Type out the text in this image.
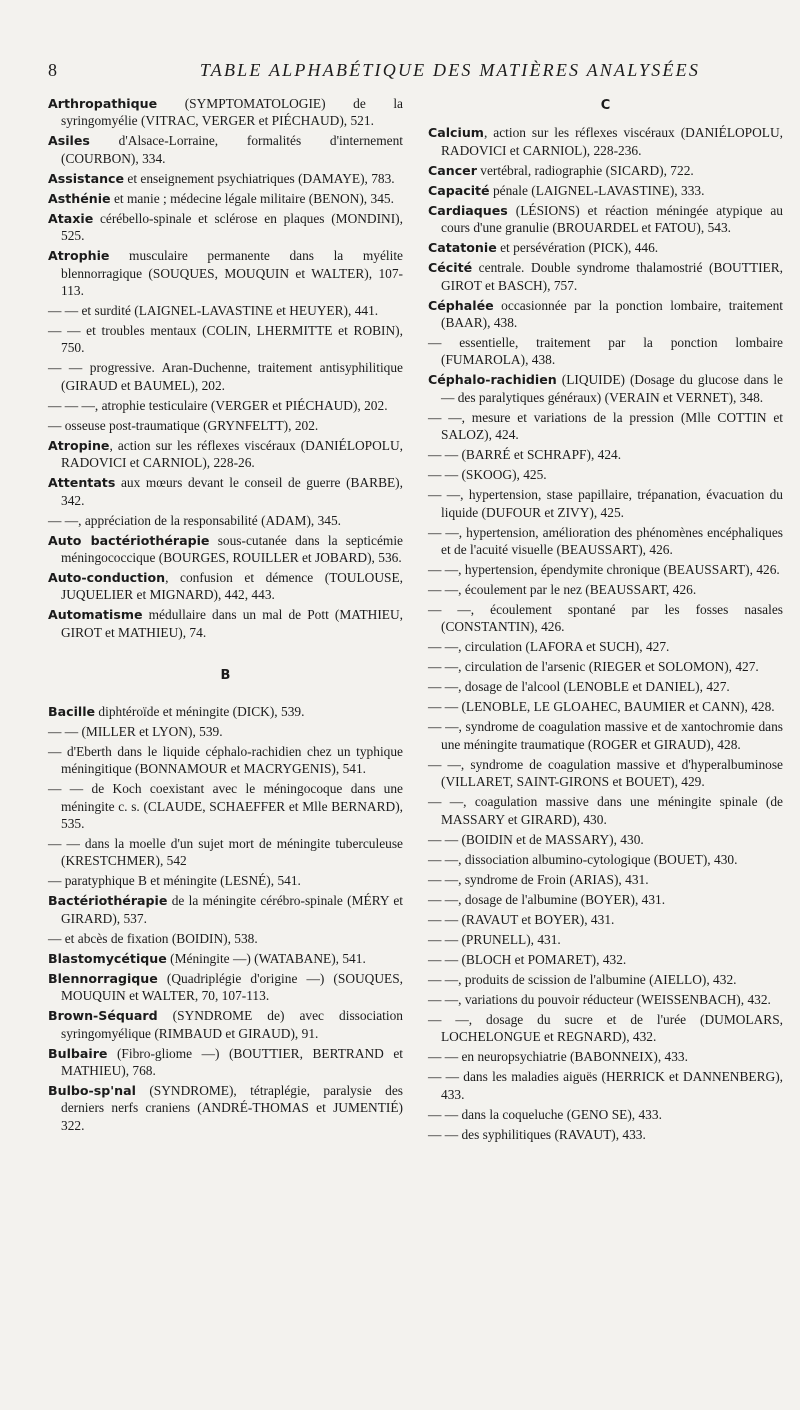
8	TABLE ALPHABÉTIQUE DES MATIÈRES ANALYSÉES

Arthropathique (SYMPTOMATOLOGIE) de la syringomyélie (VITRAC, VERGER et PIÉCHAUD), 521.

Asiles d'Alsace-Lorraine, formalités d'internement (COURBON), 334.

Assistance et enseignement psychiatriques (DAMAYE), 783.

Asthénie et manie ; médecine légale militaire (BENON), 345.

Ataxie cérébello-spinale et sclérose en plaques (MONDINI), 525.

Atrophie musculaire permanente dans la myélite blennorragique (SOUQUES, MOUQUIN et WALTER), 107-113.

— — et surdité (LAIGNEL-LAVASTINE et HEUYER), 441.

— — et troubles mentaux (COLIN, LHERMITTE et ROBIN), 750.

— — progressive. Aran-Duchenne, traitement antisyphilitique (GIRAUD et BAUMEL), 202.

— — —, atrophie testiculaire (VERGER et PIÉCHAUD), 202.

— osseuse post-traumatique (GRYNFELTT), 202.

Atropine, action sur les réflexes viscéraux (DANIÉLOPOLU, RADOVICI et CARNIOL), 228-26.

Attentats aux mœurs devant le conseil de guerre (BARBE), 342.

— —, appréciation de la responsabilité (ADAM), 345.

Auto bactériothérapie sous-cutanée dans la septicémie méningococcique (BOURGES, ROUILLER et JOBARD), 536.

Auto-conduction, confusion et démence (TOULOUSE, JUQUELIER et MIGNARD), 442, 443.

Automatisme médullaire dans un mal de Pott (MATHIEU, GIROT et MATHIEU), 74.

B

Bacille diphtéroïde et méningite (DICK), 539.

— — (MILLER et LYON), 539.

— d'Eberth dans le liquide céphalo-rachidien chez un typhique méningitique (BONNAMOUR et MACRYGENIS), 541.

— — de Koch coexistant avec le méningocoque dans une méningite c. s. (CLAUDE, SCHAEFFER et Mlle BERNARD), 535.

— — dans la moelle d'un sujet mort de méningite tuberculeuse (KRESTCHMER), 542

— paratyphique B et méningite (LESNÉ), 541.

Bactériothérapie de la méningite cérébro-spinale (MÉRY et GIRARD), 537.

— et abcès de fixation (BOIDIN), 538.

Blastomycétique (Méningite —) (WATABANE), 541.

Blennorragique (Quadriplégie d'origine —) (SOUQUES, MOUQUIN et WALTER, 70, 107-113.

Brown-Séquard (SYNDROME de) avec dissociation syringomyélique (RIMBAUD et GIRAUD), 91.

Bulbaire (Fibro-gliome —) (BOUTTIER, BERTRAND et MATHIEU), 768.

Bulbo-sp'nal (SYNDROME), tétraplégie, paralysie des derniers nerfs craniens (ANDRÉ-THOMAS et JUMENTIÉ) 322.

C

Calcium, action sur les réflexes viscéraux (DANIÉLOPOLU, RADOVICI et CARNIOL), 228-236.

Cancer vertébral, radiographie (SICARD), 722.

Capacité pénale (LAIGNEL-LAVASTINE), 333.

Cardiaques (LÉSIONS) et réaction méningée atypique au cours d'une granulie (BROUARDEL et FATOU), 543.

Catatonie et persévération (PICK), 446.

Cécité centrale. Double syndrome thalamostrié (BOUTTIER, GIROT et BASCH), 757.

Céphalée occasionnée par la ponction lombaire, traitement (BAAR), 438.

— essentielle, traitement par la ponction lombaire (FUMAROLA), 438.

Céphalo-rachidien (LIQUIDE) (Dosage du glucose dans le — des paralytiques généraux) (VERAIN et VERNET), 348.

— —, mesure et variations de la pression (Mlle COTTIN et SALOZ), 424.

— — (BARRÉ et SCHRAPF), 424.

— — (SKOOG), 425.

— —, hypertension, stase papillaire, trépanation, évacuation du liquide (DUFOUR et ZIVY), 425.

— —, hypertension, amélioration des phénomènes encéphaliques et de l'acuité visuelle (BEAUSSART), 426.

— —, hypertension, épendymite chronique (BEAUSSART), 426.

— —, écoulement par le nez (BEAUSSART, 426.

— —, écoulement spontané par les fosses nasales (CONSTANTIN), 426.

— —, circulation (LAFORA et SUCH), 427.

— —, circulation de l'arsenic (RIEGER et SOLOMON), 427.

— —, dosage de l'alcool (LENOBLE et DANIEL), 427.

— — (LENOBLE, LE GLOAHEC, BAUMIER et CANN), 428.

— —, syndrome de coagulation massive et de xantochromie dans une méningite traumatique (ROGER et GIRAUD), 428.

— —, syndrome de coagulation massive et d'hyperalbuminose (VILLARET, SAINT-GIRONS et BOUET), 429.

— —, coagulation massive dans une méningite spinale (de MASSARY et GIRARD), 430.

— — (BOIDIN et de MASSARY), 430.

— —, dissociation albumino-cytologique (BOUET), 430.

— —, syndrome de Froin (ARIAS), 431.

— —, dosage de l'albumine (BOYER), 431.

— — (RAVAUT et BOYER), 431.

— — (PRUNELL), 431.

— — (BLOCH et POMARET), 432.

— —, produits de scission de l'albumine (AIELLO), 432.

— —, variations du pouvoir réducteur (WEISSENBACH), 432.

— —, dosage du sucre et de l'urée (DUMOLARS, LOCHELONGUE et REGNARD), 432.

— — en neuropsychiatrie (BABONNEIX), 433.

— — dans les maladies aiguës (HERRICK et DANNENBERG), 433.

— — dans la coqueluche (GENO SE), 433.

— — des syphilitiques (RAVAUT), 433.
